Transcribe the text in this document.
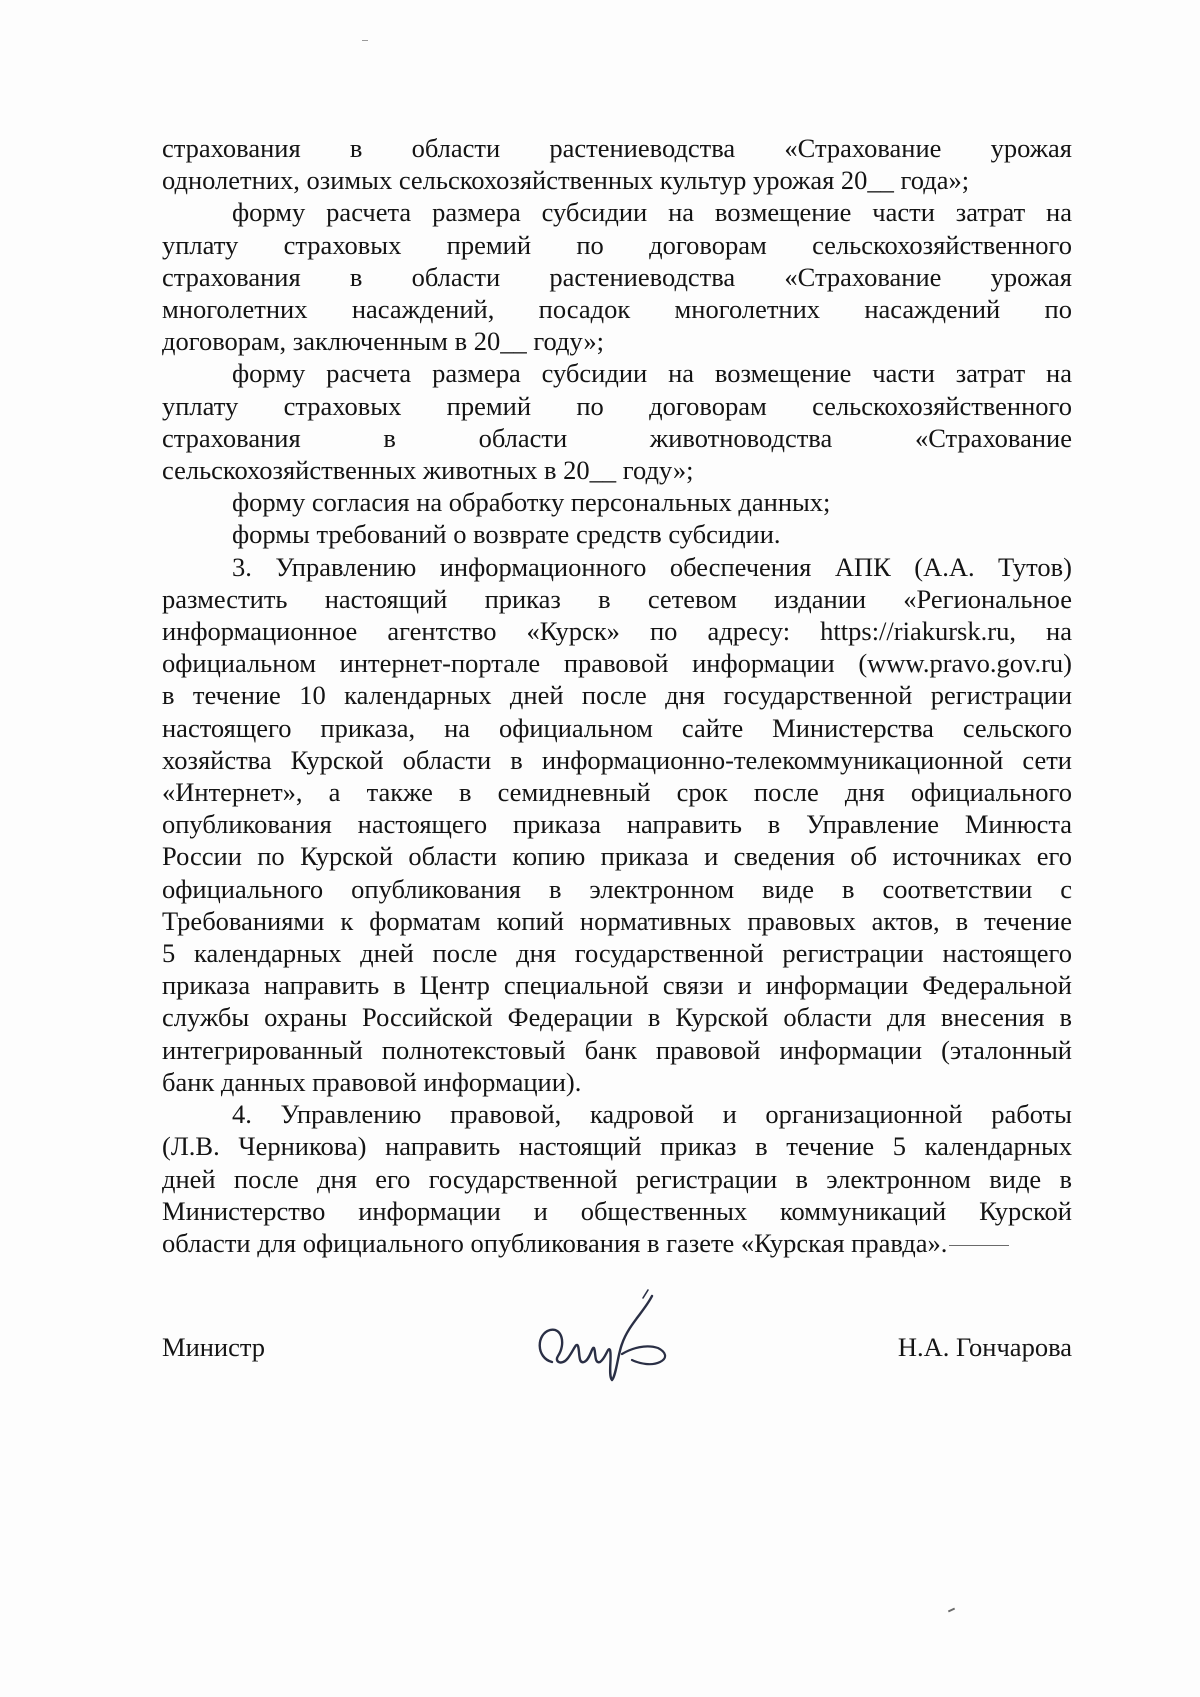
страхования в области растениеводства «Страхование урожая
однолетних, озимых сельскохозяйственных культур урожая 20__ года»;
форму расчета размера субсидии на возмещение части затрат на
уплату страховых премий по договорам сельскохозяйственного
страхования в области растениеводства «Страхование урожая
многолетних насаждений, посадок многолетних насаждений по
договорам, заключенным в 20__ году»;
форму расчета размера субсидии на возмещение части затрат на
уплату страховых премий по договорам сельскохозяйственного
страхования в области животноводства «Страхование
сельскохозяйственных животных в 20__ году»;
форму согласия на обработку персональных данных;
формы требований о возврате средств субсидии.
3. Управлению информационного обеспечения АПК (А.А. Тутов)
разместить настоящий приказ в сетевом издании «Региональное
информационное агентство «Курск» по адресу: https://riakursk.ru, на
официальном интернет-портале правовой информации (www.pravo.gov.ru)
в течение 10 календарных дней после дня государственной регистрации
настоящего приказа, на официальном сайте Министерства сельского
хозяйства Курской области в информационно-телекоммуникационной сети
«Интернет», а также в семидневный срок после дня официального
опубликования настоящего приказа направить в Управление Минюста
России по Курской области копию приказа и сведения об источниках его
официального опубликования в электронном виде в соответствии с
Требованиями к форматам копий нормативных правовых актов, в течение
5 календарных дней после дня государственной регистрации настоящего
приказа направить в Центр специальной связи и информации Федеральной
службы охраны Российской Федерации в Курской области для внесения в
интегрированный полнотекстовый банк правовой информации (эталонный
банк данных правовой информации).
4. Управлению правовой, кадровой и организационной работы
(Л.В. Черникова) направить настоящий приказ в течение 5 календарных
дней после дня его государственной регистрации в электронном виде в
Министерство информации и общественных коммуникаций Курской
области для официального опубликования в газете «Курская правда».
Министр	Н.А. Гончарова
